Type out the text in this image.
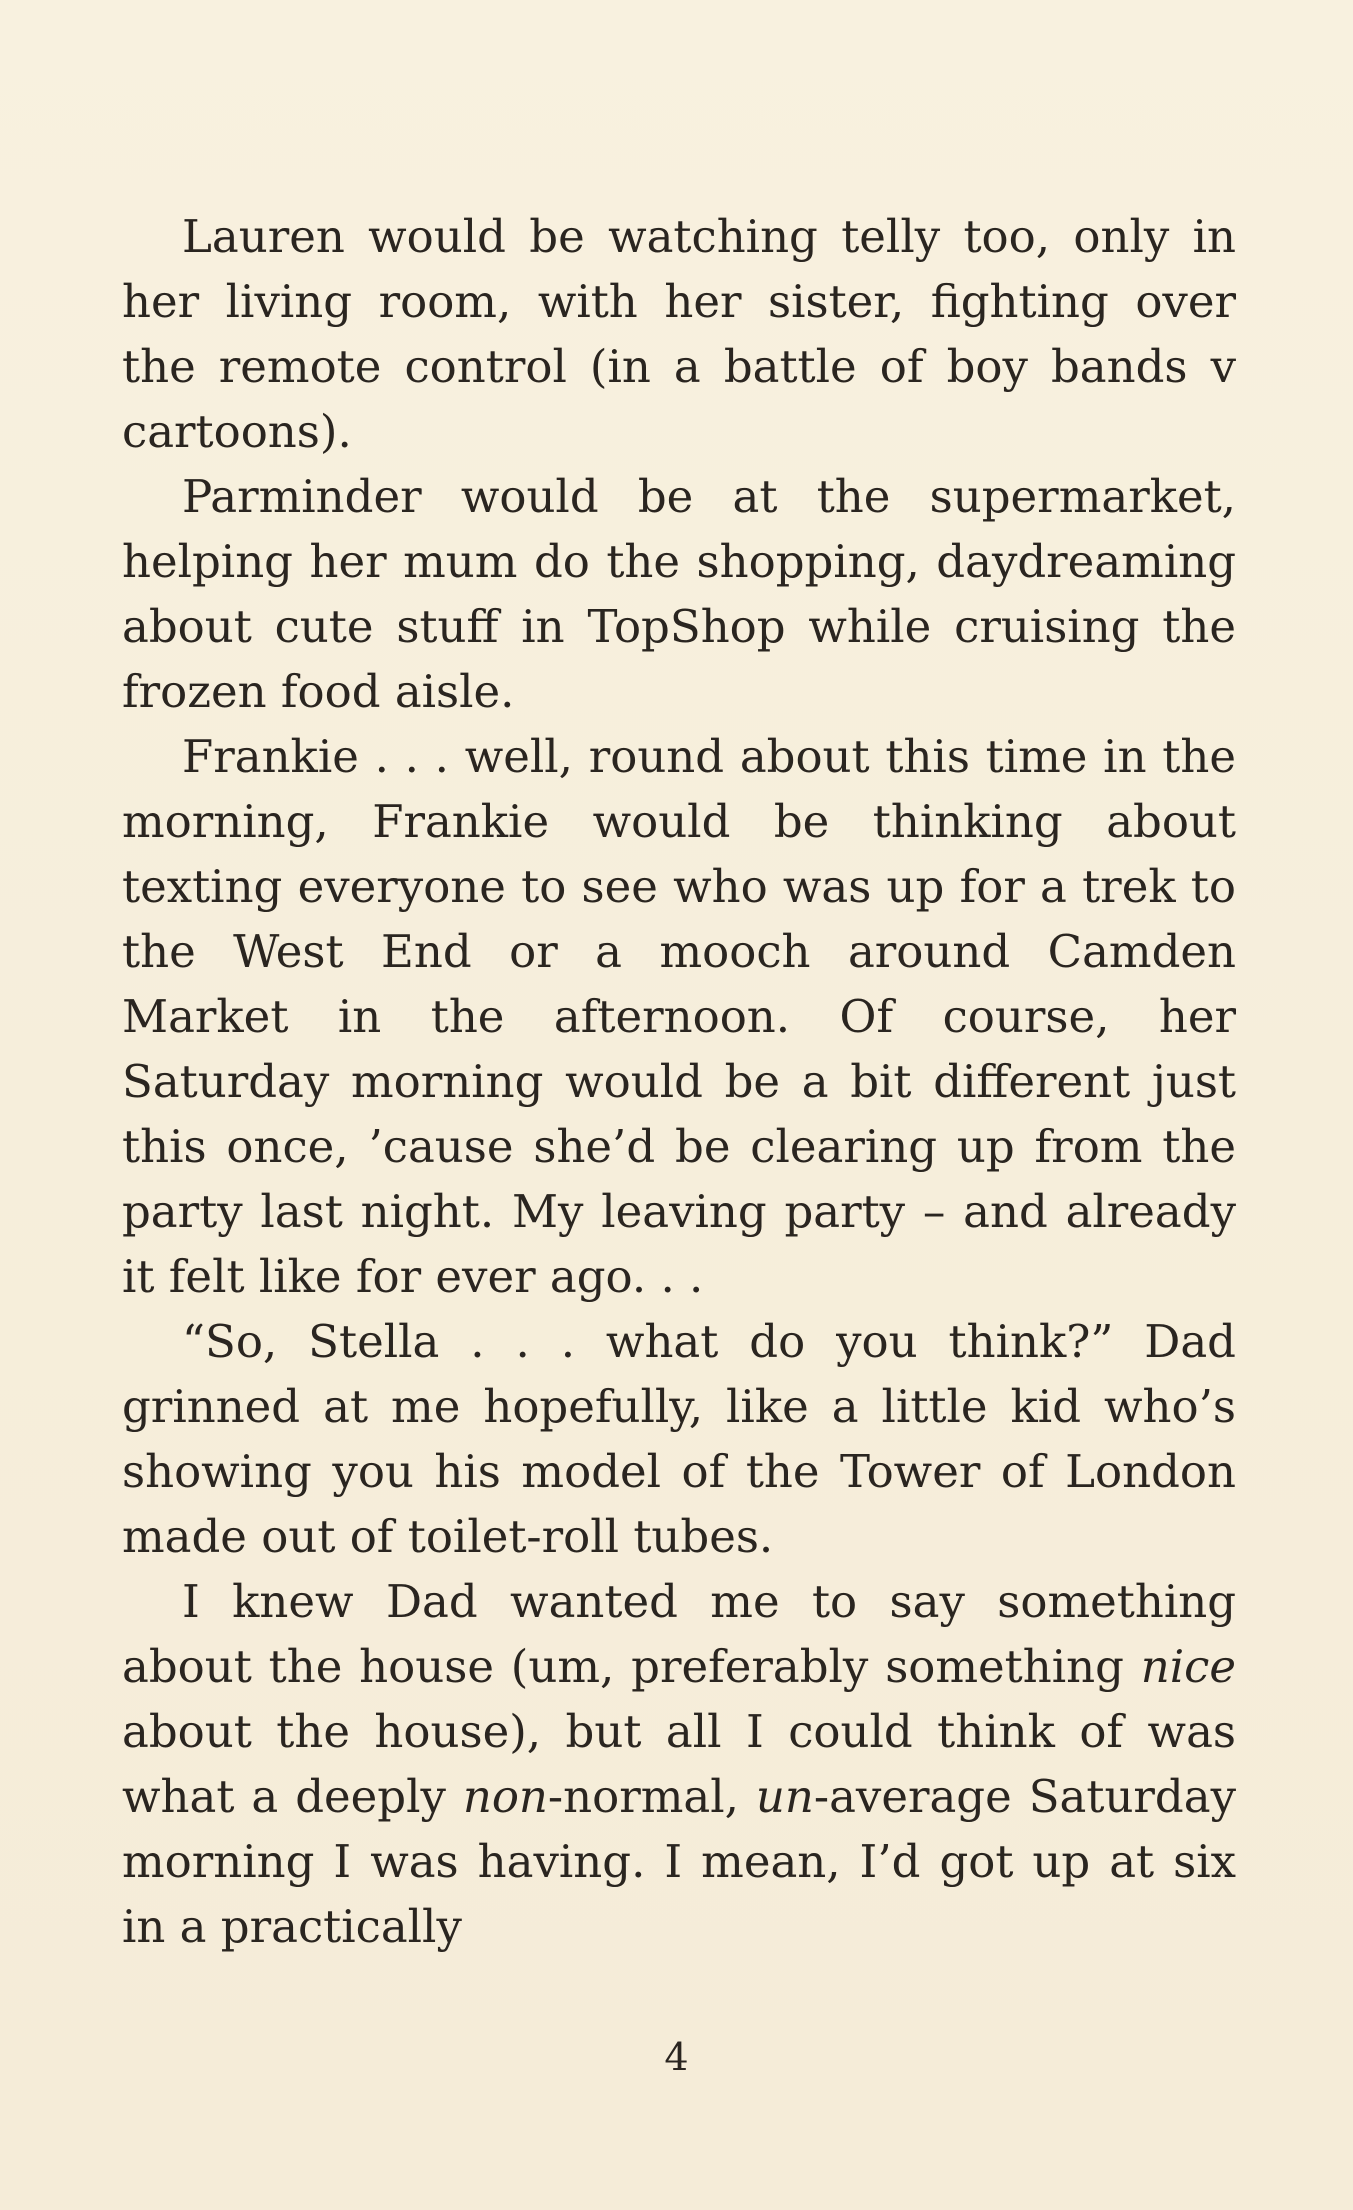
Lauren would be watching telly too, only in her living room, with her sister, fighting over the remote control (in a battle of boy bands v cartoons).

Parminder would be at the supermarket, helping her mum do the shopping, daydreaming about cute stuff in TopShop while cruising the frozen food aisle.

Frankie . . . well, round about this time in the morning, Frankie would be thinking about texting everyone to see who was up for a trek to the West End or a mooch around Camden Market in the afternoon. Of course, her Saturday morning would be a bit different just this once, ’cause she’d be clearing up from the party last night. My leaving party – and already it felt like for ever ago. . .

“So, Stella . . . what do you think?” Dad grinned at me hopefully, like a little kid who’s showing you his model of the Tower of London made out of toilet-roll tubes.

I knew Dad wanted me to say something about the house (um, preferably something nice about the house), but all I could think of was what a deeply non-normal, un-average Saturday morning I was having. I mean, I’d got up at six in a practically

4
